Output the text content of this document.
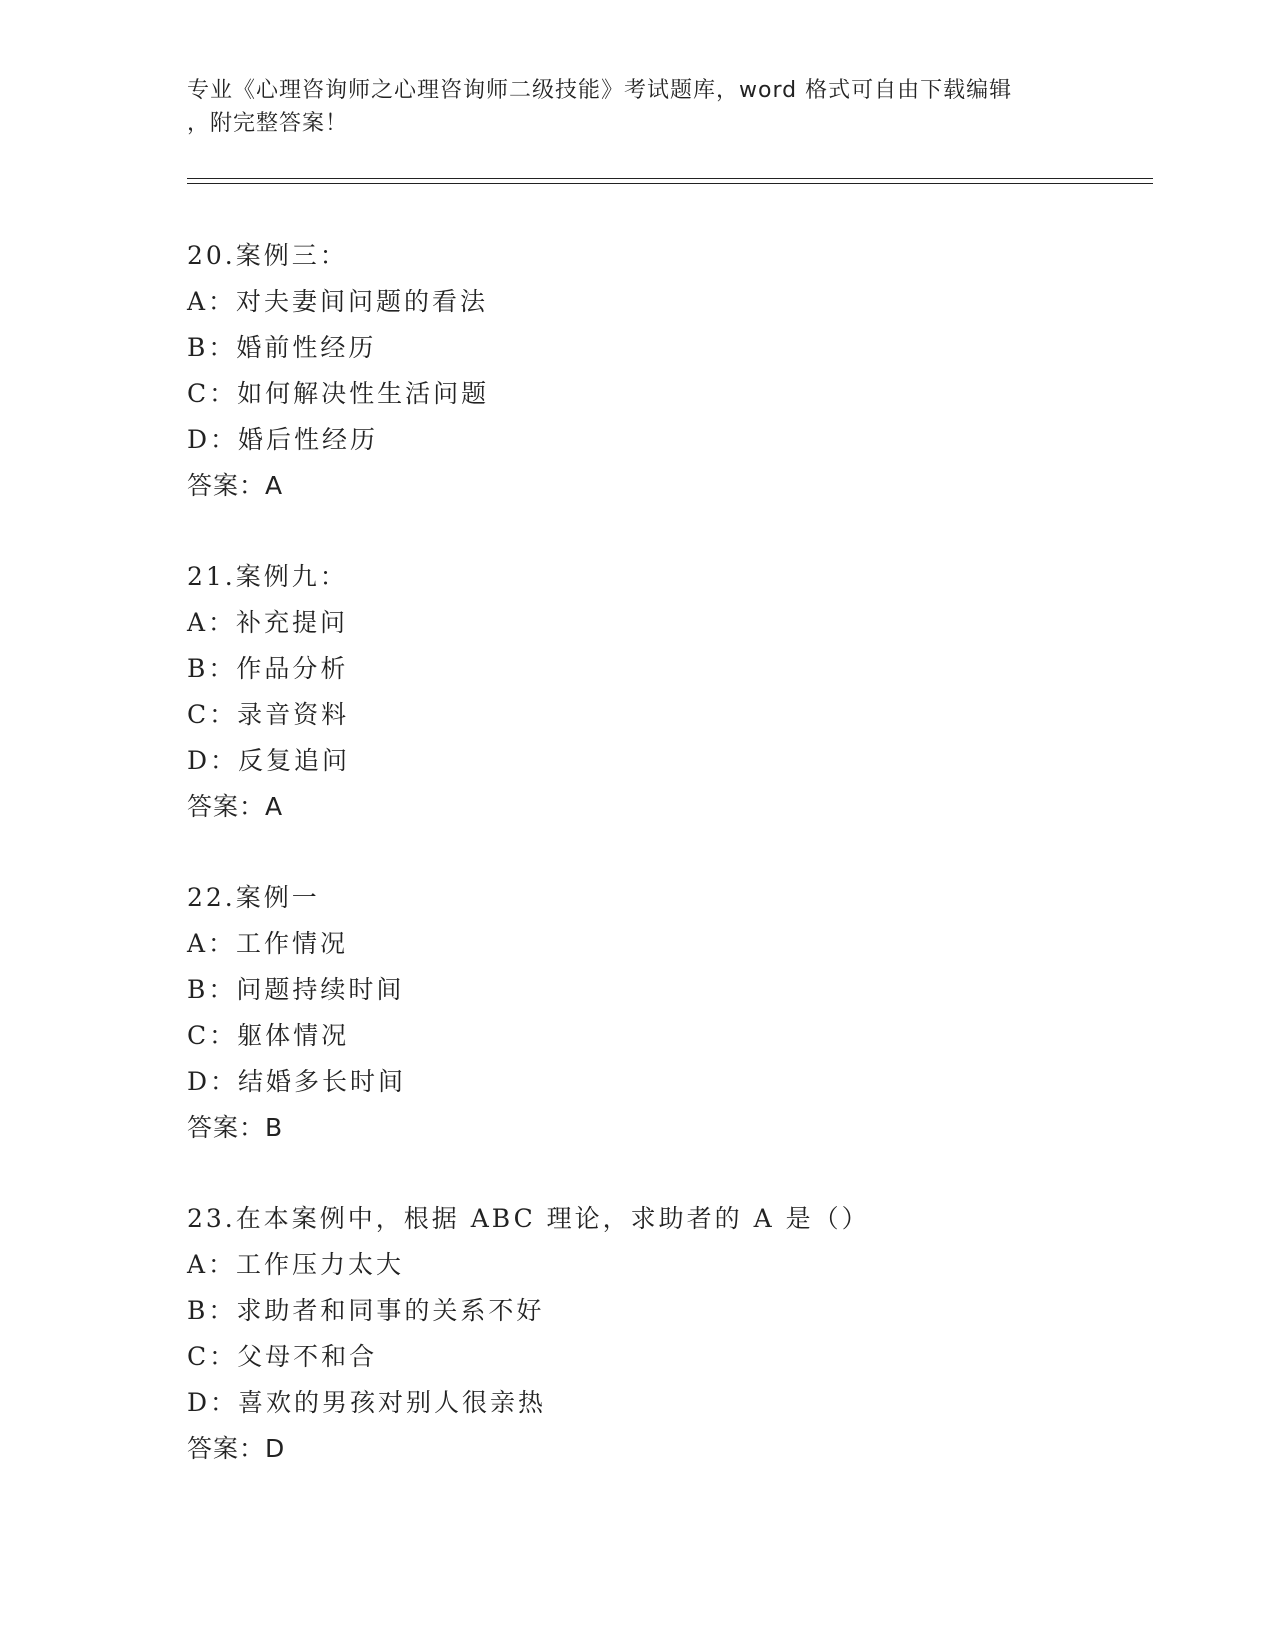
专业《心理咨询师之心理咨询师二级技能》考试题库，word 格式可自由下载编辑
，附完整答案！
20.案例三：
A：对夫妻间问题的看法
B：婚前性经历
C：如何解决性生活问题
D：婚后性经历
答案：A
21.案例九：
A：补充提问
B：作品分析
C：录音资料
D：反复追问
答案：A
22.案例一
A：工作情况
B：问题持续时间
C：躯体情况
D：结婚多长时间
答案：B
23.在本案例中，根据 ABC 理论，求助者的 A 是（）
A：工作压力太大
B：求助者和同事的关系不好
C：父母不和合
D：喜欢的男孩对别人很亲热
答案：D
